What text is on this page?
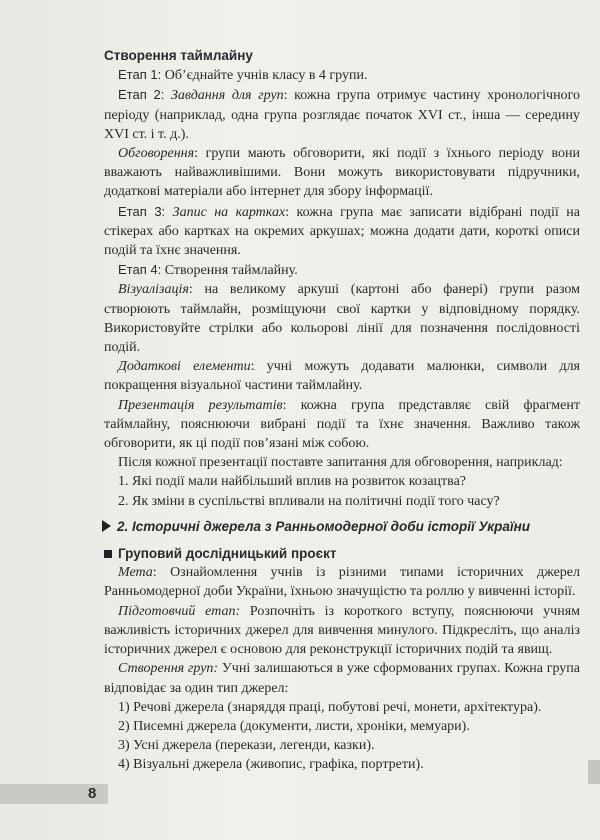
Створення таймлайну

Етап 1: Об’єднайте учнів класу в 4 групи.

Етап 2: Завдання для груп: кожна група отримує частину хронологічного періоду (наприклад, одна група розглядає початок XVI ст., інша — середину XVI ст. і т. д.).

Обговорення: групи мають обговорити, які події з їхнього періоду вони вважають найважливішими. Вони можуть використовувати підручники, додаткові матеріали або інтернет для збору інформації.

Етап 3: Запис на картках: кожна група має записати відібрані події на стікерах або картках на окремих аркушах; можна додати дати, короткі описи подій та їхнє значення.

Етап 4: Створення таймлайну.

Візуалізація: на великому аркуші (картоні або фанері) групи разом створюють таймлайн, розміщуючи свої картки у відповідному порядку. Використовуйте стрілки або кольорові лінії для позначення послідовності подій.

Додаткові елементи: учні можуть додавати малюнки, символи для покращення візуальної частини таймлайну.

Презентація результатів: кожна група представляє свій фрагмент таймлайну, пояснюючи вибрані події та їхнє значення. Важливо також обговорити, як ці події пов’язані між собою.

Після кожної презентації поставте запитання для обговорення, наприклад:

1. Які події мали найбільший вплив на розвиток козацтва?
2. Як зміни в суспільстві впливали на політичні події того часу?
2. Історичні джерела з Ранньомодерної доби історії України
Груповий дослідницький проєкт

Мета: Ознайомлення учнів із різними типами історичних джерел Ранньомодерної доби України, їхньою значущістю та роллю у вивченні історії.

Підготовчий етап: Розпочніть із короткого вступу, пояснюючи учням важливість історичних джерел для вивчення минулого. Підкресліть, що аналіз історичних джерел є основою для реконструкції історичних подій та явищ.

Створення груп: Учні залишаються в уже сформованих групах. Кожна група відповідає за один тип джерел:

1) Речові джерела (знаряддя праці, побутові речі, монети, архітектура).
2) Писемні джерела (документи, листи, хроніки, мемуари).
3) Усні джерела (перекази, легенди, казки).
4) Візуальні джерела (живопис, графіка, портрети).
8
